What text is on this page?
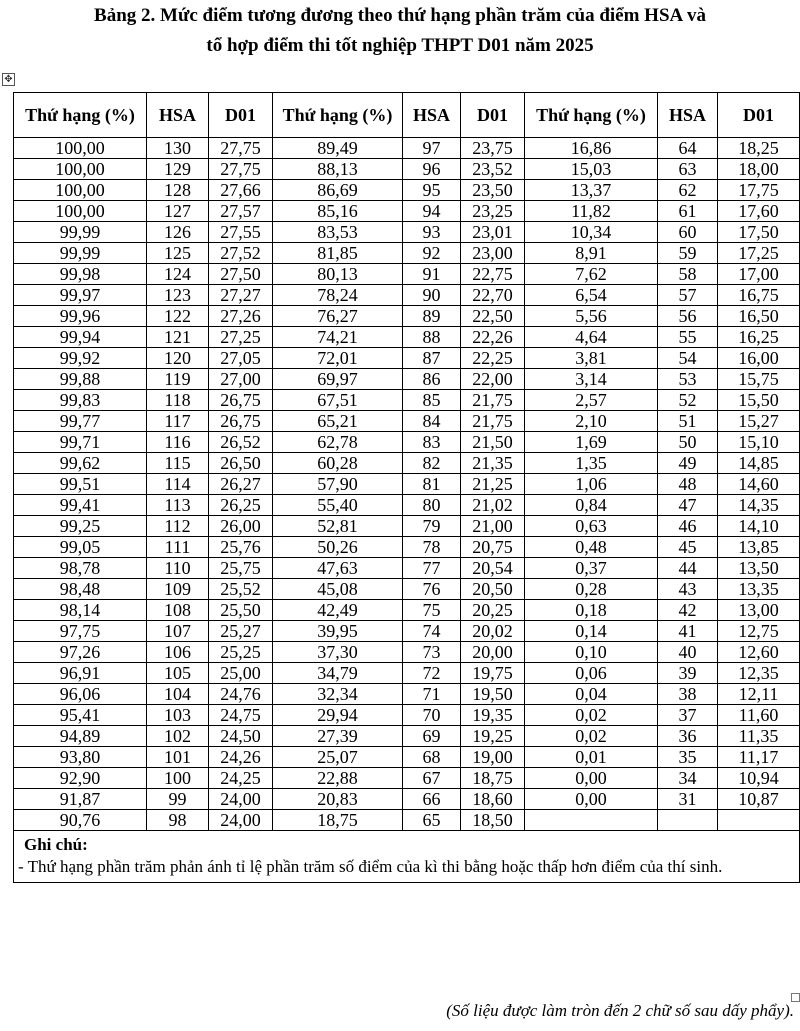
Bảng 2. Mức điểm tương đương theo thứ hạng phần trăm của điểm HSA và
tổ hợp điểm thi tốt nghiệp THPT D01 năm 2025
✥
Thứ hạng (%)	HSA	D01	Thứ hạng (%)	HSA	D01	Thứ hạng (%)	HSA	D01
100,00	130	27,75	89,49	97	23,75	16,86	64	18,25
100,00	129	27,75	88,13	96	23,52	15,03	63	18,00
100,00	128	27,66	86,69	95	23,50	13,37	62	17,75
100,00	127	27,57	85,16	94	23,25	11,82	61	17,60
99,99	126	27,55	83,53	93	23,01	10,34	60	17,50
99,99	125	27,52	81,85	92	23,00	8,91	59	17,25
99,98	124	27,50	80,13	91	22,75	7,62	58	17,00
99,97	123	27,27	78,24	90	22,70	6,54	57	16,75
99,96	122	27,26	76,27	89	22,50	5,56	56	16,50
99,94	121	27,25	74,21	88	22,26	4,64	55	16,25
99,92	120	27,05	72,01	87	22,25	3,81	54	16,00
99,88	119	27,00	69,97	86	22,00	3,14	53	15,75
99,83	118	26,75	67,51	85	21,75	2,57	52	15,50
99,77	117	26,75	65,21	84	21,75	2,10	51	15,27
99,71	116	26,52	62,78	83	21,50	1,69	50	15,10
99,62	115	26,50	60,28	82	21,35	1,35	49	14,85
99,51	114	26,27	57,90	81	21,25	1,06	48	14,60
99,41	113	26,25	55,40	80	21,02	0,84	47	14,35
99,25	112	26,00	52,81	79	21,00	0,63	46	14,10
99,05	111	25,76	50,26	78	20,75	0,48	45	13,85
98,78	110	25,75	47,63	77	20,54	0,37	44	13,50
98,48	109	25,52	45,08	76	20,50	0,28	43	13,35
98,14	108	25,50	42,49	75	20,25	0,18	42	13,00
97,75	107	25,27	39,95	74	20,02	0,14	41	12,75
97,26	106	25,25	37,30	73	20,00	0,10	40	12,60
96,91	105	25,00	34,79	72	19,75	0,06	39	12,35
96,06	104	24,76	32,34	71	19,50	0,04	38	12,11
95,41	103	24,75	29,94	70	19,35	0,02	37	11,60
94,89	102	24,50	27,39	69	19,25	0,02	36	11,35
93,80	101	24,26	25,07	68	19,00	0,01	35	11,17
92,90	100	24,25	22,88	67	18,75	0,00	34	10,94
91,87	99	24,00	20,83	66	18,60	0,00	31	10,87
90,76	98	24,00	18,75	65	18,50			

Ghi chú:
- Thứ hạng phần trăm phản ánh tỉ lệ phần trăm số điểm của kì thi bằng hoặc thấp hơn điểm của thí sinh.								
(Số liệu được làm tròn đến 2 chữ số sau dấy phẩy).
